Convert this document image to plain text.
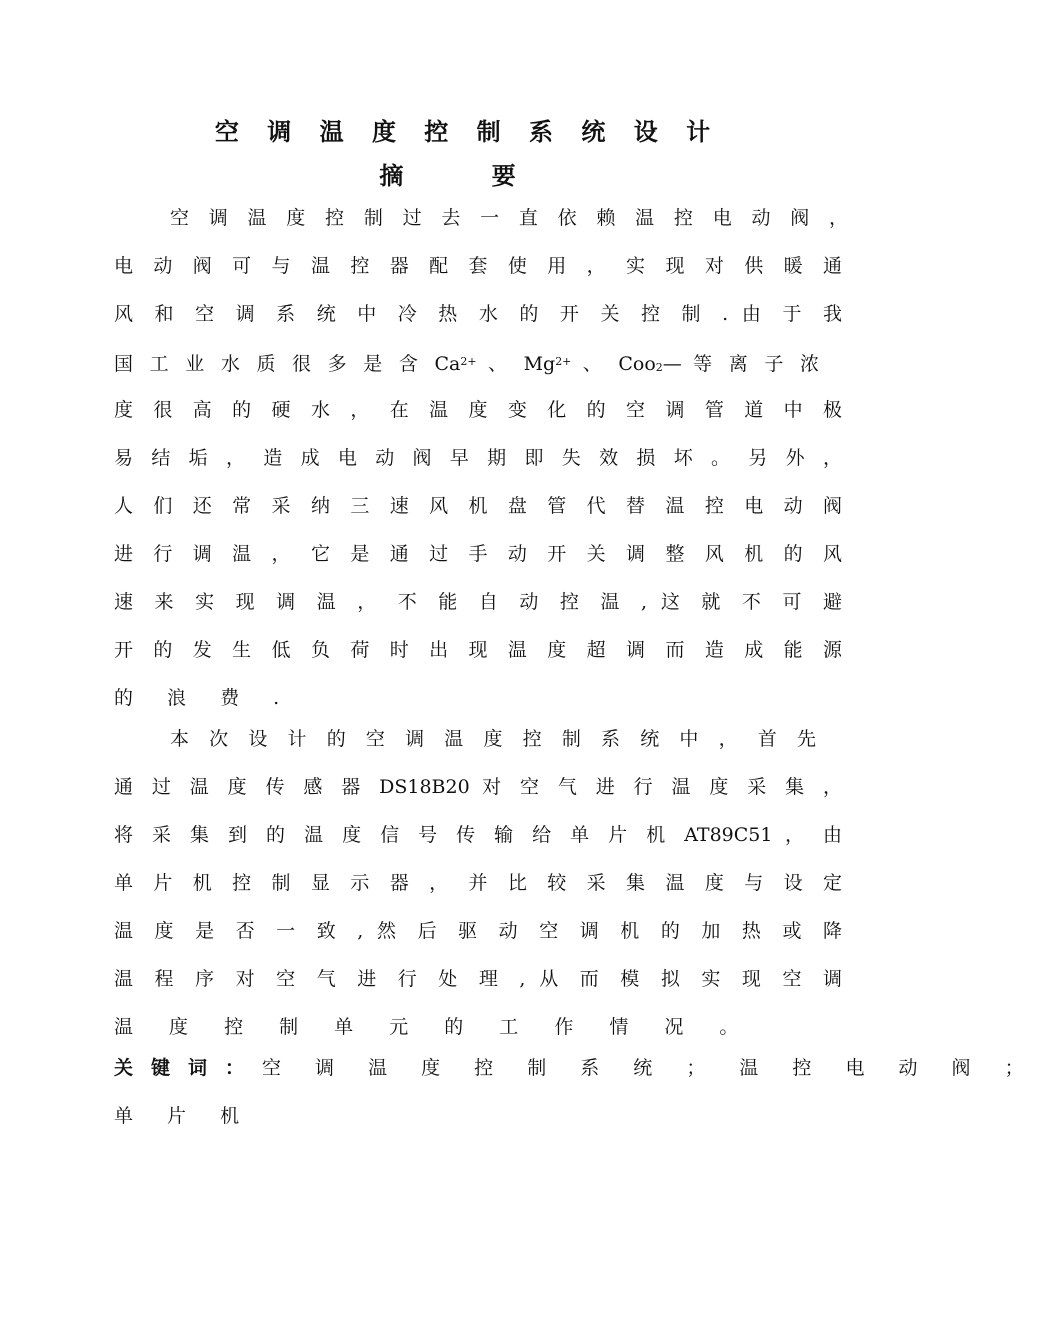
空 调 温 度 控 制 系 统 设 计
摘 要
空 调 温 度 控 制 过 去 一 直 依 赖 温 控 电 动 阀 ，
电 动 阀 可 与 温 控 器 配 套 使 用 ， 实 现 对 供 暖 通
风 和 空 调 系 统 中 冷 热 水 的 开 关 控 制 . 由 于 我
国 工 业 水 质 很 多 是 含 $Ca^{2+}$ 、 $Mg^{2+}$ 、 Coo$_2$— 等 离 子 浓
度 很 高 的 硬 水 ， 在 温 度 变 化 的 空 调 管 道 中 极
易 结 垢 ， 造 成 电 动 阀 早 期 即 失 效 损 坏 。 另 外 ，
人 们 还 常 采 纳 三 速 风 机 盘 管 代 替 温 控 电 动 阀
进 行 调 温 ， 它 是 通 过 手 动 开 关 调 整 风 机 的 风
速 来 实 现 调 温 ， 不 能 自 动 控 温 , 这 就 不 可 避
开 的 发 生 低 负 荷 时 出 现 温 度 超 调 而 造 成 能 源
的 浪 费 .
本 次 设 计 的 空 调 温 度 控 制 系 统 中 ， 首 先
通 过 温 度 传 感 器 DS18B20 对 空 气 进 行 温 度 采 集 ，
将 采 集 到 的 温 度 信 号 传 输 给 单 片 机 AT89C51 ， 由
单 片 机 控 制 显 示 器 ， 并 比 较 采 集 温 度 与 设 定
温 度 是 否 一 致 , 然 后 驱 动 空 调 机 的 加 热 或 降
温 程 序 对 空 气 进 行 处 理 , 从 而 模 拟 实 现 空 调
温 度 控 制 单 元 的 工 作 情 况 。
关键词：空 调 温 度 控 制 系 统 ； 温 控 电 动 阀 ；
单 片 机
